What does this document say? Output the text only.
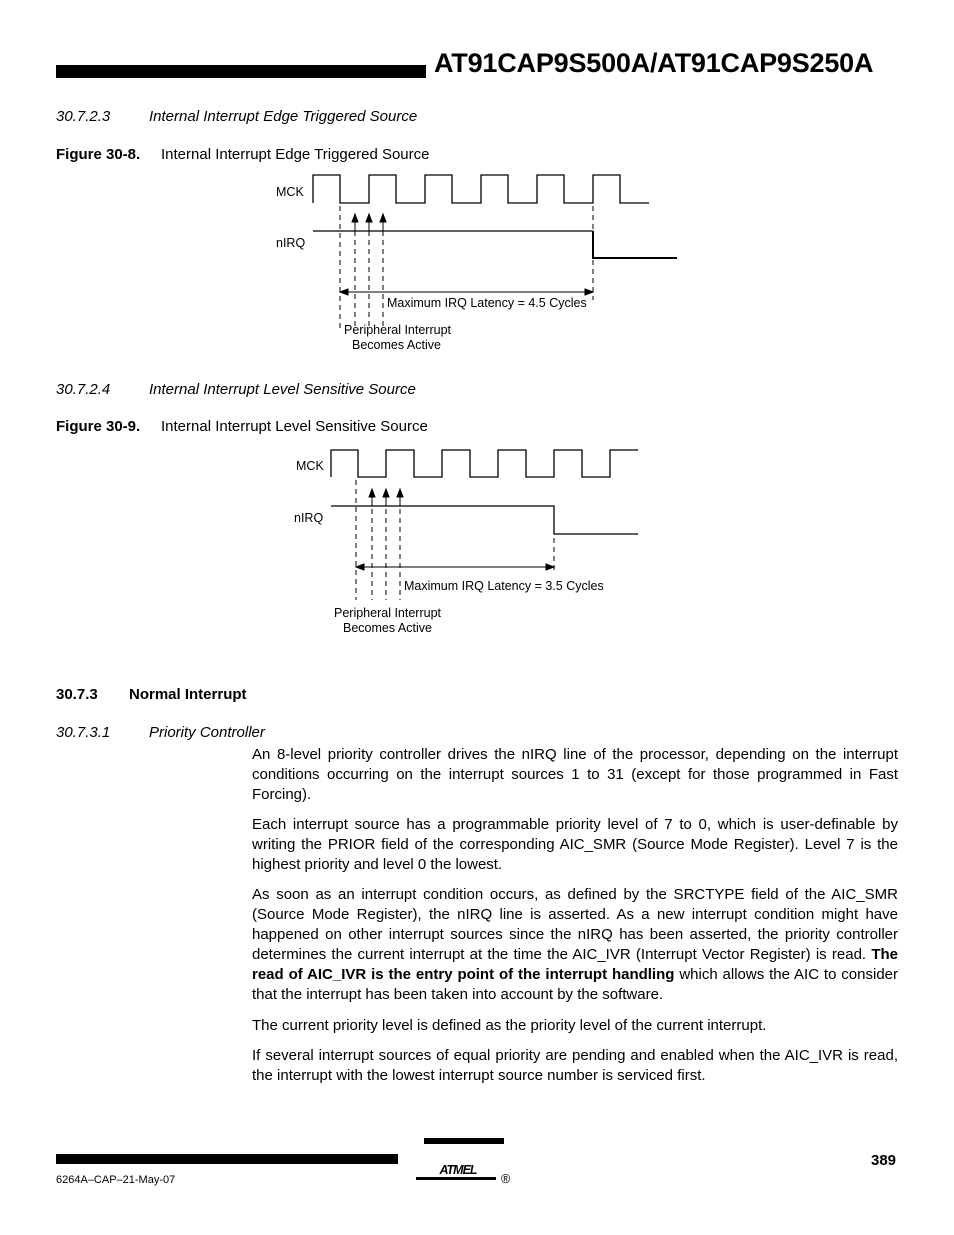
AT91CAP9S500A/AT91CAP9S250A
30.7.2.3	Internal Interrupt Edge Triggered Source
Figure 30-8. Internal Interrupt Edge Triggered Source
MCK
nIRQ
Maximum IRQ Latency = 4.5 Cycles
Peripheral Interrupt
Becomes Active
30.7.2.4	Internal Interrupt Level Sensitive Source
Figure 30-9. Internal Interrupt Level Sensitive Source
MCK
nIRQ
Maximum IRQ Latency = 3.5 Cycles
Peripheral Interrupt
Becomes Active
30.7.3 Normal Interrupt
30.7.3.1	Priority Controller

An 8-level priority controller drives the nIRQ line of the processor, depending on the interrupt conditions occurring on the interrupt sources 1 to 31 (except for those programmed in Fast Forcing).

Each interrupt source has a programmable priority level of 7 to 0, which is user-definable by writing the PRIOR field of the corresponding AIC_SMR (Source Mode Register). Level 7 is the highest priority and level 0 the lowest.

As soon as an interrupt condition occurs, as defined by the SRCTYPE field of the AIC_SMR (Source Mode Register), the nIRQ line is asserted. As a new interrupt condition might have happened on other interrupt sources since the nIRQ has been asserted, the priority controller determines the current interrupt at the time the AIC_IVR (Interrupt Vector Register) is read. The read of AIC_IVR is the entry point of the interrupt handling which allows the AIC to consider that the interrupt has been taken into account by the software.

The current priority level is defined as the priority level of the current interrupt.

If several interrupt sources of equal priority are pending and enabled when the AIC_IVR is read, the interrupt with the lowest interrupt source number is serviced first.

6264A–CAP–21-May-07
389
ATMEL
®
